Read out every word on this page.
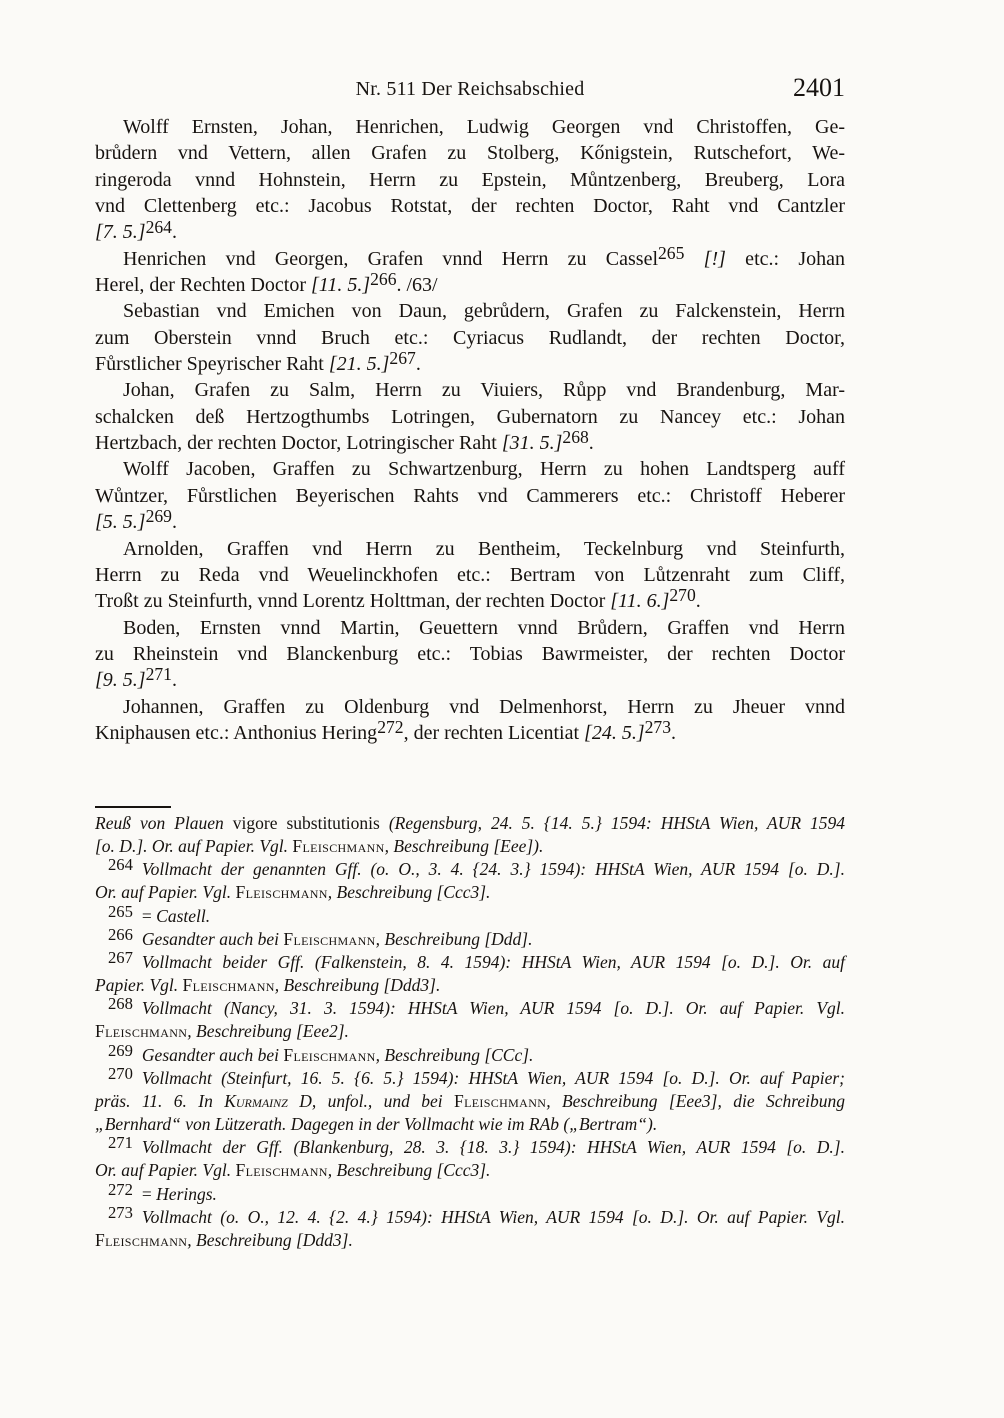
Nr. 511 Der Reichsabschied	2401
Wolff Ernsten, Johan, Henrichen, Ludwig Georgen vnd Christoffen, Ge-
brůdern vnd Vettern, allen Grafen zu Stolberg, Kőnigstein, Rutschefort, We-
ringeroda vnnd Hohnstein, Herrn zu Epstein, Můntzenberg, Breuberg, Lora
vnd Clettenberg etc.: Jacobus Rotstat, der rechten Doctor, Raht vnd Cantzler
[7. 5.]264.
Henrichen vnd Georgen, Grafen vnnd Herrn zu Cassel265 [!] etc.: Johan
Herel, der Rechten Doctor [11. 5.]266. /63/
Sebastian vnd Emichen von Daun, gebrůdern, Grafen zu Falckenstein, Herrn
zum Oberstein vnnd Bruch etc.: Cyriacus Rudlandt, der rechten Doctor,
Fůrstlicher Speyrischer Raht [21. 5.]267.
Johan, Grafen zu Salm, Herrn zu Viuiers, Růpp vnd Brandenburg, Mar-
schalcken deß Hertzogthumbs Lotringen, Gubernatorn zu Nancey etc.: Johan
Hertzbach, der rechten Doctor, Lotringischer Raht [31. 5.]268.
Wolff Jacoben, Graffen zu Schwartzenburg, Herrn zu hohen Landtsperg auff
Wůntzer, Fůrstlichen Beyerischen Rahts vnd Cammerers etc.: Christoff Heberer
[5. 5.]269.
Arnolden, Graffen vnd Herrn zu Bentheim, Teckelnburg vnd Steinfurth,
Herrn zu Reda vnd Weuelinckhofen etc.: Bertram von Lůtzenraht zum Cliff,
Troßt zu Steinfurth, vnnd Lorentz Holttman, der rechten Doctor [11. 6.]270.
Boden, Ernsten vnnd Martin, Geuettern vnnd Brůdern, Graffen vnd Herrn
zu Rheinstein vnd Blanckenburg etc.: Tobias Bawrmeister, der rechten Doctor
[9. 5.]271.
Johannen, Graffen zu Oldenburg vnd Delmenhorst, Herrn zu Jheuer vnnd
Kniphausen etc.: Anthonius Hering272, der rechten Licentiat [24. 5.]273.
Reuß von Plauen vigore substitutionis (Regensburg, 24. 5. {14. 5.} 1594: HHStA Wien, AUR 1594
[o. D.]. Or. auf Papier. Vgl. Fleischmann, Beschreibung [Eee]).
264 Vollmacht der genannten Gff. (o. O., 3. 4. {24. 3.} 1594): HHStA Wien, AUR 1594 [o. D.].
Or. auf Papier. Vgl. Fleischmann, Beschreibung [Ccc3].
265 = Castell.
266 Gesandter auch bei Fleischmann, Beschreibung [Ddd].
267 Vollmacht beider Gff. (Falkenstein, 8. 4. 1594): HHStA Wien, AUR 1594 [o. D.]. Or. auf
Papier. Vgl. Fleischmann, Beschreibung [Ddd3].
268 Vollmacht (Nancy, 31. 3. 1594): HHStA Wien, AUR 1594 [o. D.]. Or. auf Papier. Vgl.
Fleischmann, Beschreibung [Eee2].
269 Gesandter auch bei Fleischmann, Beschreibung [CCc].
270 Vollmacht (Steinfurt, 16. 5. {6. 5.} 1594): HHStA Wien, AUR 1594 [o. D.]. Or. auf Papier;
präs. 11. 6. In Kurmainz D, unfol., und bei Fleischmann, Beschreibung [Eee3], die Schreibung
„Bernhard“ von Lützerath. Dagegen in der Vollmacht wie im RAb („Bertram“).
271 Vollmacht der Gff. (Blankenburg, 28. 3. {18. 3.} 1594): HHStA Wien, AUR 1594 [o. D.].
Or. auf Papier. Vgl. Fleischmann, Beschreibung [Ccc3].
272 = Herings.
273 Vollmacht (o. O., 12. 4. {2. 4.} 1594): HHStA Wien, AUR 1594 [o. D.]. Or. auf Papier. Vgl.
Fleischmann, Beschreibung [Ddd3].
